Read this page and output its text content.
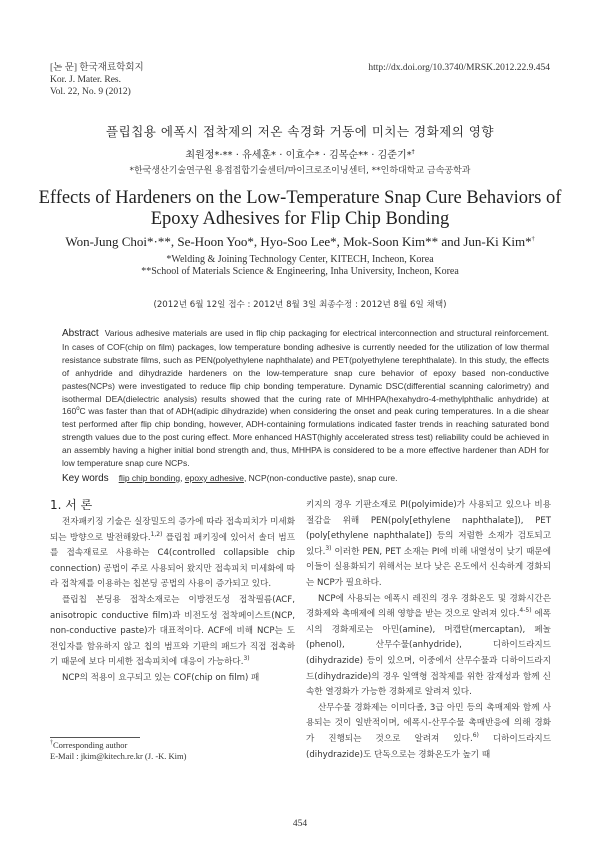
[논 문] 한국재료학회지
Kor. J. Mater. Res.
Vol. 22, No. 9 (2012)
http://dx.doi.org/10.3740/MRSK.2012.22.9.454
플립칩용 에폭시 접착제의 저온 속경화 거동에 미치는 경화제의 영향
최원정*·** · 유세훈* · 이효수* · 김목순** · 김준기*†
*한국생산기술연구원 용접접합기술센터/마이크로조이닝센터, **인하대학교 금속공학과
Effects of Hardeners on the Low-Temperature Snap Cure Behaviors of
Epoxy Adhesives for Flip Chip Bonding
Won-Jung Choi*·**, Se-Hoon Yoo*, Hyo-Soo Lee*, Mok-Soon Kim** and Jun-Ki Kim*†
*Welding & Joining Technology Center, KITECH, Incheon, Korea
**School of Materials Science & Engineering, Inha University, Incheon, Korea
(2012년 6월 12일 접수 : 2012년 8월 3일 최종수정 : 2012년 8월 6일 채택)
Abstract Various adhesive materials are used in flip chip packaging for electrical interconnection and structural reinforcement. In cases of COF(chip on film) packages, low temperature bonding adhesive is currently needed for the utilization of low thermal resistance substrate films, such as PEN(polyethylene naphthalate) and PET(polyethylene terephthalate). In this study, the effects of anhydride and dihydrazide hardeners on the low-temperature snap cure behavior of epoxy based non-conductive pastes(NCPs) were investigated to reduce flip chip bonding temperature. Dynamic DSC(differential scanning calorimetry) and isothermal DEA(dielectric analysis) results showed that the curing rate of MHHPA(hexahydro-4-methylphthalic anhydride) at 160$^o$C was faster than that of ADH(adipic dihydrazide) when considering the onset and peak curing temperatures. In a die shear test performed after flip chip bonding, however, ADH-containing formulations indicated faster trends in reaching saturated bond strength values due to the post curing effect. More enhanced HAST(highly accelerated stress test) reliability could be achieved in an assembly having a higher initial bond strength and, thus, MHHPA is considered to be a more effective hardener than ADH for low temperature snap cure NCPs.
Key words flip chip bonding, epoxy adhesive, NCP(non-conductive paste), snap cure.
1. 서 론

전자패키징 기술은 실장밀도의 증가에 따라 접속피치가 미세화되는 방향으로 발전해왔다.$^{1,2)}$ 플립칩 패키징에 있어서 솔더 범프를 접속재료로 사용하는 C4(controlled collapsible chip connection) 공법이 주로 사용되어 왔지만 접속피치 미세화에 따라 접착제를 이용하는 칩본딩 공법의 사용이 증가되고 있다.

플립칩 본딩용 접착소재로는 이방전도성 접착필름(ACF, anisotropic conductive film)과 비전도성 접착페이스트(NCP, non-conductive paste)가 대표적이다. ACF에 비해 NCP는 도전입자를 함유하지 않고 칩의 범프와 기판의 패드가 직접 접촉하기 때문에 보다 미세한 접속피치에 대응이 가능하다.$^{3)}$

NCP의 적용이 요구되고 있는 COF(chip on film) 패

키지의 경우 기판소재로 PI(polyimide)가 사용되고 있으나 비용절감을 위해 PEN(poly[ethylene naphthalate]), PET (poly[ethylene naphthalate]) 등의 저렴한 소재가 검토되고 있다.$^{3)}$ 이러한 PEN, PET 소재는 PI에 비해 내열성이 낮기 때문에 이들이 실용화되기 위해서는 보다 낮은 온도에서 신속하게 경화되는 NCP가 필요하다.

NCP에 사용되는 에폭시 레진의 경우 경화온도 및 경화시간은 경화제와 촉매제에 의해 영향을 받는 것으로 알려져 있다.$^{4-5)}$ 에폭시의 경화제로는 아민(amine), 머캡탄(mercaptan), 페놀(phenol), 산무수물(anhydride), 디하이드라지드(dihydrazide) 등이 있으며, 이중에서 산무수물과 디하이드라지드(dihydrazide)의 경우 일액형 접착제를 위한 잠재성과 함께 신속한 열경화가 가능한 경화제로 알려져 있다.

산무수물 경화제는 이미다졸, 3급 아민 등의 촉매제와 함께 사용되는 것이 일반적이며, 에폭시-산무수물 촉매반응에 의해 경화가 진행되는 것으로 알려져 있다.$^{6)}$ 디하이드라지드(dihydrazide)도 단독으로는 경화온도가 높기 때

†Corresponding author
E-Mail : jkim@kitech.re.kr (J. -K. Kim)
454
